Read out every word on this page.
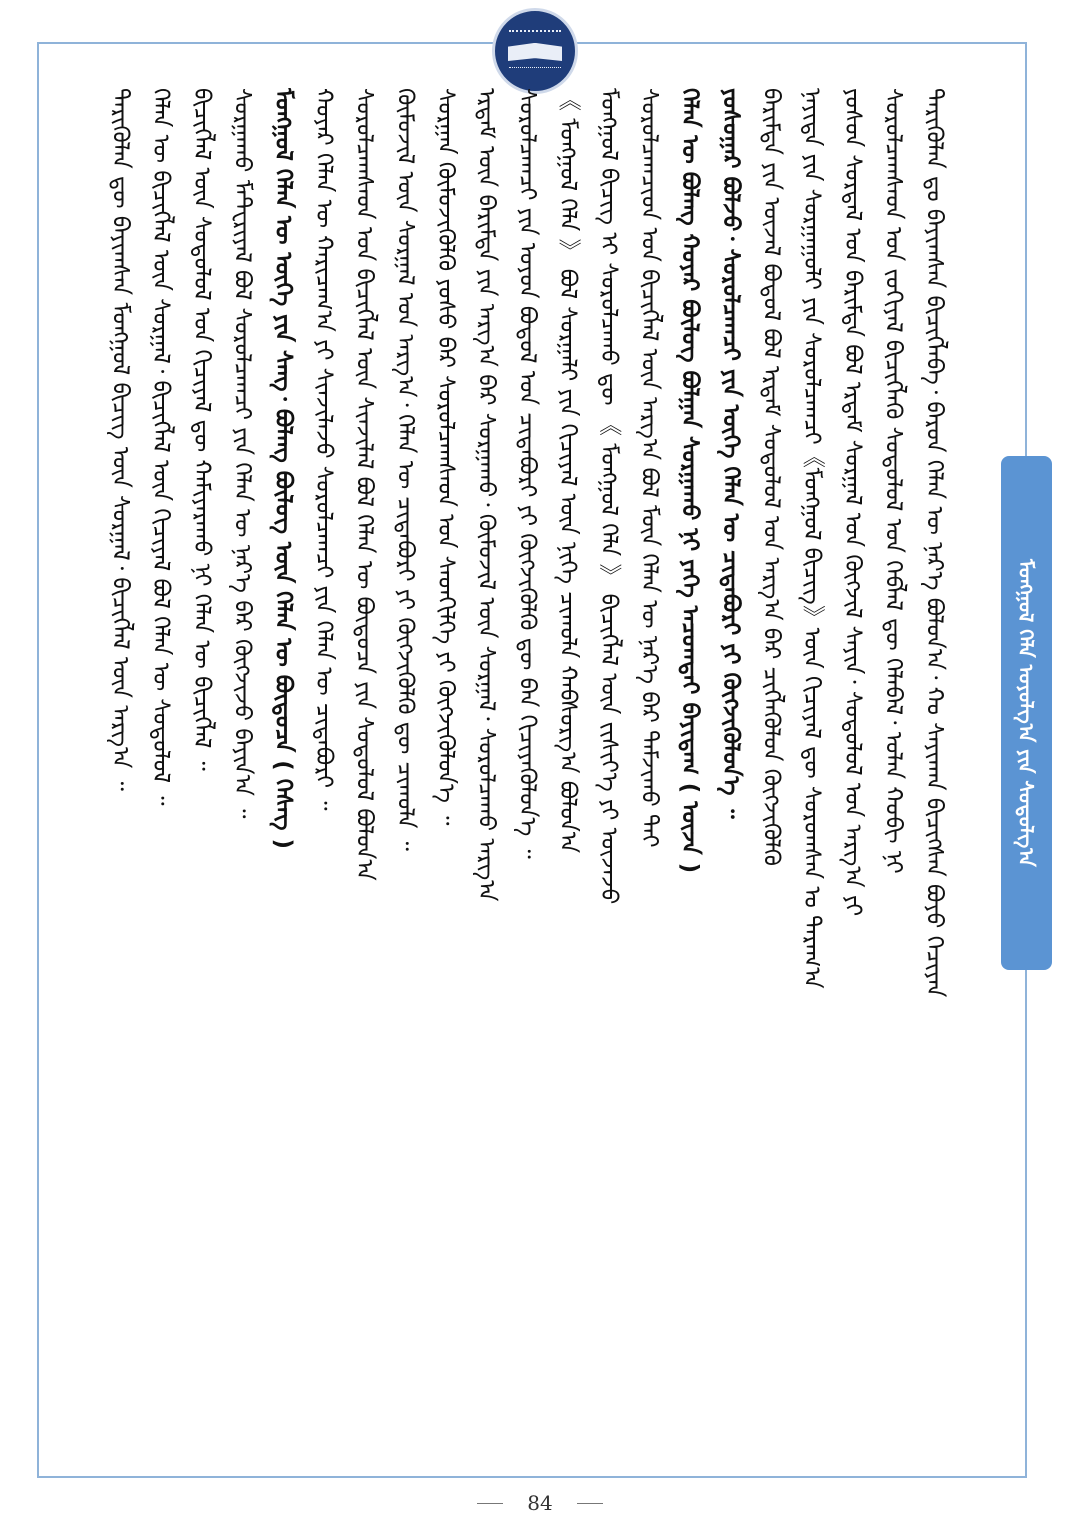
ᠮᠣᠩᠭᠣᠯ ᠬᠡᠯᠡ ᠤᠶᠤᠯᠭ᠎ᠠ ᠶᠢᠨ ᠰᠤᠳᠤᠯᠭ᠎ᠠ
ᠲᠡᠷᠢᠬᠦᠯᠡᠨ ᠳᠤ ᠪᠠᠶᠢᠭᠰᠠᠨ ᠪᠢᠴᠢᠭᠯᠡᠪᠡ᠂ ᠪᠠᠷᠤᠨ ᠬᠡᠯᠡᠨ ᠦ ᠨᠡᠷ᠎ᠡ ᠪᠣᠯᠤᠨ᠎ᠠ᠂ ᠬᠣ ᠰᠠᠶᠢᠬᠠᠨ ᠪᠢᠴᠢᠭᠰᠡᠨ ᠪᠤᠶᠤ ᠬᠡᠴᠢᠶᠡᠨ
ᠰᠤᠷᠤᠯᠴᠠᠭᠰᠠᠳ ᠤᠨ ᠵᠣᠬᠢᠶᠠᠯ ᠪᠢᠴᠢᠭᠯᠡᠬᠦ ᠰᠤᠳᠤᠯᠤᠯ ᠤᠨ ᠬᠡᠪᠯᠡᠯ ᠳᠦ ᠬᠡᠯᠡᠪᠡᠯ᠂ ᠣᠯᠠᠨ ᠬᠤᠪᠢ ᠨᠢ
ᠶᠣᠰᠤᠨ ᠰᠤᠷᠲᠠᠯ ᠤᠨ ᠪᠠᠷᠢᠮᠲᠠ ᠪᠣᠯ ᠡᠷᠳᠡᠮ ᠰᠤᠷᠭᠠᠯ ᠤᠨ ᠬᠥᠭᠵᠢᠯ ᠰᠠᠶᠢᠨ᠂ ᠰᠤᠳᠤᠯᠤᠯ ᠤᠨ ᠠᠷᠭ᠎ᠠ ᠶᠢ
ᠨᠡᠶᠢᠲᠡ ᠶᠢᠨ ᠰᠤᠷᠭᠠᠭᠤᠯᠢ ᠶᠢᠨ ᠰᠤᠷᠤᠯᠴᠠᠭᠴᠢ《ᠮᠣᠩᠭᠣᠯ ᠪᠢᠴᠢᠭ》ᠦᠨ ᠬᠢᠴᠢᠶᠡᠯ ᠳᠦ ᠰᠤᠷᠤᠭᠰᠠᠨ ᠤ ᠳᠠᠷᠠᠭ᠎ᠠ
ᠪᠠᠷᠢᠮᠲᠠ ᠶᠢᠨ ᠦᠵᠡᠯ ᠪᠣᠳᠤᠯ ᠪᠣᠯ ᠡᠷᠳᠡᠮ ᠰᠤᠳᠤᠯᠤᠯ ᠤᠨ ᠠᠷᠭ᠎ᠠ ᠪᠠᠷ ᠴᠢᠭᠯᠡᠭᠦᠯᠦᠨ ᠬᠥᠭᠵᠢᠭᠦᠯᠬᠦ
ᠶᠣᠰᠤᠭᠠᠷ ᠪᠣᠯᠵᠤ᠂ ᠰᠤᠷᠤᠯᠴᠠᠭᠴᠢ ᠶᠢᠨ ᠦᠭᠡ ᠬᠡᠯᠡᠨ ᠦ ᠴᠢᠳᠠᠪᠤᠷᠢ ᠶᠢ ᠬᠥᠭᠵᠢᠭᠦᠯᠦᠨ᠎ᠡ ᠃
ᠬᠡᠯᠡᠨ ᠦ ᠪᠤᠯᠠᠩ ᠬᠣᠶᠠᠷ ᠪᠦᠯᠦᠭ ᠪᠣᠯᠭᠠᠨ ᠰᠤᠷᠭᠠᠬᠤ ᠨᠢ ᠶᠡᠬᠡ ᠠᠴᠤᠭᠲᠠᠢ ᠪᠠᠶᠢᠳᠠᠭ ( ᠦᠵᠡ )
ᠰᠤᠷᠤᠯᠴᠠᠭᠴᠢᠳ ᠤᠨ ᠪᠢᠴᠢᠭᠯᠡᠯ ᠦᠨ ᠠᠷᠭ᠎ᠠ ᠪᠣᠯ ᠮᠥᠨ ᠬᠡᠯᠡᠨ ᠦ ᠨᠡᠷ᠎ᠡ ᠪᠠᠷ ᠳᠠᠮᠵᠢᠬᠤ ᠲᠠᠢ
ᠮᠣᠩᠭᠣᠯ ᠪᠢᠴᠢᠭ ᠢ ᠰᠤᠷᠤᠯᠴᠠᠬᠤ ᠳᠦ 《 ᠮᠣᠩᠭᠣᠯ ᠬᠡᠯᠡ 》 ᠪᠢᠴᠢᠭᠯᠡᠯ ᠦᠨ ᠵᠢᠱᠢᠶ᠎ᠡ ᠶᠢ ᠦᠵᠡᠵᠦ
《 ᠮᠣᠩᠭᠣᠯ ᠬᠡᠯᠡ 》 ᠪᠣᠯ ᠰᠤᠷᠭᠠᠯᠢ ᠶᠢᠨ ᠬᠢᠴᠢᠶᠡᠯ ᠦᠨ ᠨᠢᠭᠡ ᠴᠢᠬᠤᠯᠠ ᠬᠠᠪᠰᠤᠷᠭ᠎ᠠ ᠪᠣᠯᠤᠨ᠎ᠠ
ᠰᠤᠷᠤᠯᠴᠠᠭᠴᠢ ᠶᠢᠨ ᠣᠶᠤᠨ ᠪᠣᠳᠤᠯ ᠤᠨ ᠴᠢᠳᠠᠪᠤᠷᠢ ᠶᠢ ᠬᠥᠭᠵᠢᠭᠦᠯᠬᠦ ᠳᠦ ᠪᠡᠨ ᠬᠢᠴᠢᠶᠡᠭᠦᠯᠦᠨ᠎ᠡ ᠃
ᠡᠷᠳᠡᠮ ᠦᠨ ᠪᠠᠷᠢᠮᠲᠠ ᠶᠢᠨ ᠠᠷᠭ᠎ᠠ ᠪᠠᠷ ᠰᠤᠷᠭᠠᠬᠤ᠂ ᠬᠥᠮᠦᠵᠢᠯ ᠦᠨ ᠰᠤᠷᠭᠠᠯ᠂ ᠰᠤᠷᠤᠯᠴᠠᠬᠤ ᠠᠷᠭ᠎ᠠ
ᠰᠤᠷᠭᠠᠨ ᠬᠥᠮᠦᠵᠢᠭᠦᠯᠬᠦ ᠶᠣᠰᠤ ᠪᠠᠷ ᠰᠤᠷᠤᠯᠴᠠᠭᠰᠠᠳ ᠤᠨ ᠰᠡᠳᠬᠢᠯᠭᠡ ᠶᠢ ᠬᠥᠭᠵᠢᠭᠦᠯᠦᠨ᠎ᠡ ᠃
ᠬᠥᠮᠦᠵᠢᠯ ᠦᠨ ᠰᠤᠷᠭᠠᠯ ᠤᠨ ᠠᠷᠭ᠎ᠠ᠂ ᠬᠡᠯᠡᠨ ᠦ ᠴᠢᠳᠠᠪᠤᠷᠢ ᠶᠢ ᠬᠥᠭᠵᠢᠭᠦᠯᠬᠦ ᠳᠦ ᠴᠢᠬᠤᠯᠠ ᠃
ᠰᠤᠷᠤᠯᠴᠠᠭᠰᠠᠳ ᠤᠨ ᠪᠢᠴᠢᠭᠯᠡᠯ ᠦᠨ ᠰᠢᠨᠵᠢᠯᠡᠯ ᠪᠣᠯ ᠬᠡᠯᠡᠨ ᠦ ᠪᠦᠲᠦᠴᠡ ᠶᠢᠨ ᠰᠤᠳᠤᠯᠤᠯ ᠪᠣᠯᠤᠨ᠎ᠠ
ᠬᠣᠶᠠᠷ ᠬᠡᠯᠡᠨ ᠦ ᠬᠠᠷᠢᠴᠠᠭ᠎ᠠ ᠶᠢ ᠰᠢᠨᠵᠢᠯᠡᠵᠦ ᠰᠤᠷᠤᠯᠴᠠᠭᠴᠢ ᠶᠢᠨ ᠬᠡᠯᠡᠨ ᠦ ᠴᠢᠳᠠᠪᠤᠷᠢ ᠃
ᠮᠣᠩᠭᠣᠯ ᠬᠡᠯᠡᠨ ᠦ ᠦᠭᠡ ᠶᠢᠨ ᠰᠠᠩ᠂ ᠪᠤᠯᠠᠩ ᠪᠦᠯᠦᠭ ᠦᠨ ᠬᠡᠯᠡᠨ ᠦ ᠪᠦᠲᠦᠴᠡ ( ᠬᠡᠰᠡᠭ )
ᠰᠤᠷᠭᠠᠬᠤ ᠮᠠᠲ᠋ᠧᠷᠢᠶᠠᠯ ᠪᠣᠯ ᠰᠤᠷᠤᠯᠴᠠᠭᠴᠢ ᠶᠢᠨ ᠬᠡᠯᠡᠨ ᠦ ᠨᠡᠷ᠎ᠡ ᠪᠠᠷ ᠬᠥᠭᠵᠢᠵᠦ ᠪᠠᠶᠢᠨ᠎ᠠ ᠃
ᠪᠢᠴᠢᠭᠯᠡᠯ ᠦᠨ ᠰᠤᠳᠤᠯᠤᠯ ᠤᠨ ᠬᠢᠴᠢᠶᠡᠯ ᠳᠦ ᠬᠠᠮᠢᠶᠠᠷᠠᠬᠤ ᠨᠢ ᠬᠡᠯᠡᠨ ᠦ ᠪᠢᠴᠢᠭᠯᠡᠯ ᠃
ᠬᠡᠯᠡᠨ ᠦ ᠪᠢᠴᠢᠭᠯᠡᠯ ᠦᠨ ᠰᠤᠷᠭᠠᠯ᠂ ᠪᠢᠴᠢᠭᠯᠡᠯ ᠦᠨ ᠬᠢᠴᠢᠶᠡᠯ ᠪᠣᠯ ᠬᠡᠯᠡᠨ ᠦ ᠰᠤᠳᠤᠯᠤᠯ ᠃
ᠲᠡᠷᠢᠬᠦᠯᠡᠨ ᠳᠦ ᠪᠠᠶᠢᠭᠰᠠᠨ ᠮᠣᠩᠭᠣᠯ ᠪᠢᠴᠢᠭ ᠦᠨ ᠰᠤᠷᠭᠠᠯ᠂ ᠪᠢᠴᠢᠭᠯᠡᠯ ᠦᠨ ᠠᠷᠭ᠎ᠠ ᠃
84
